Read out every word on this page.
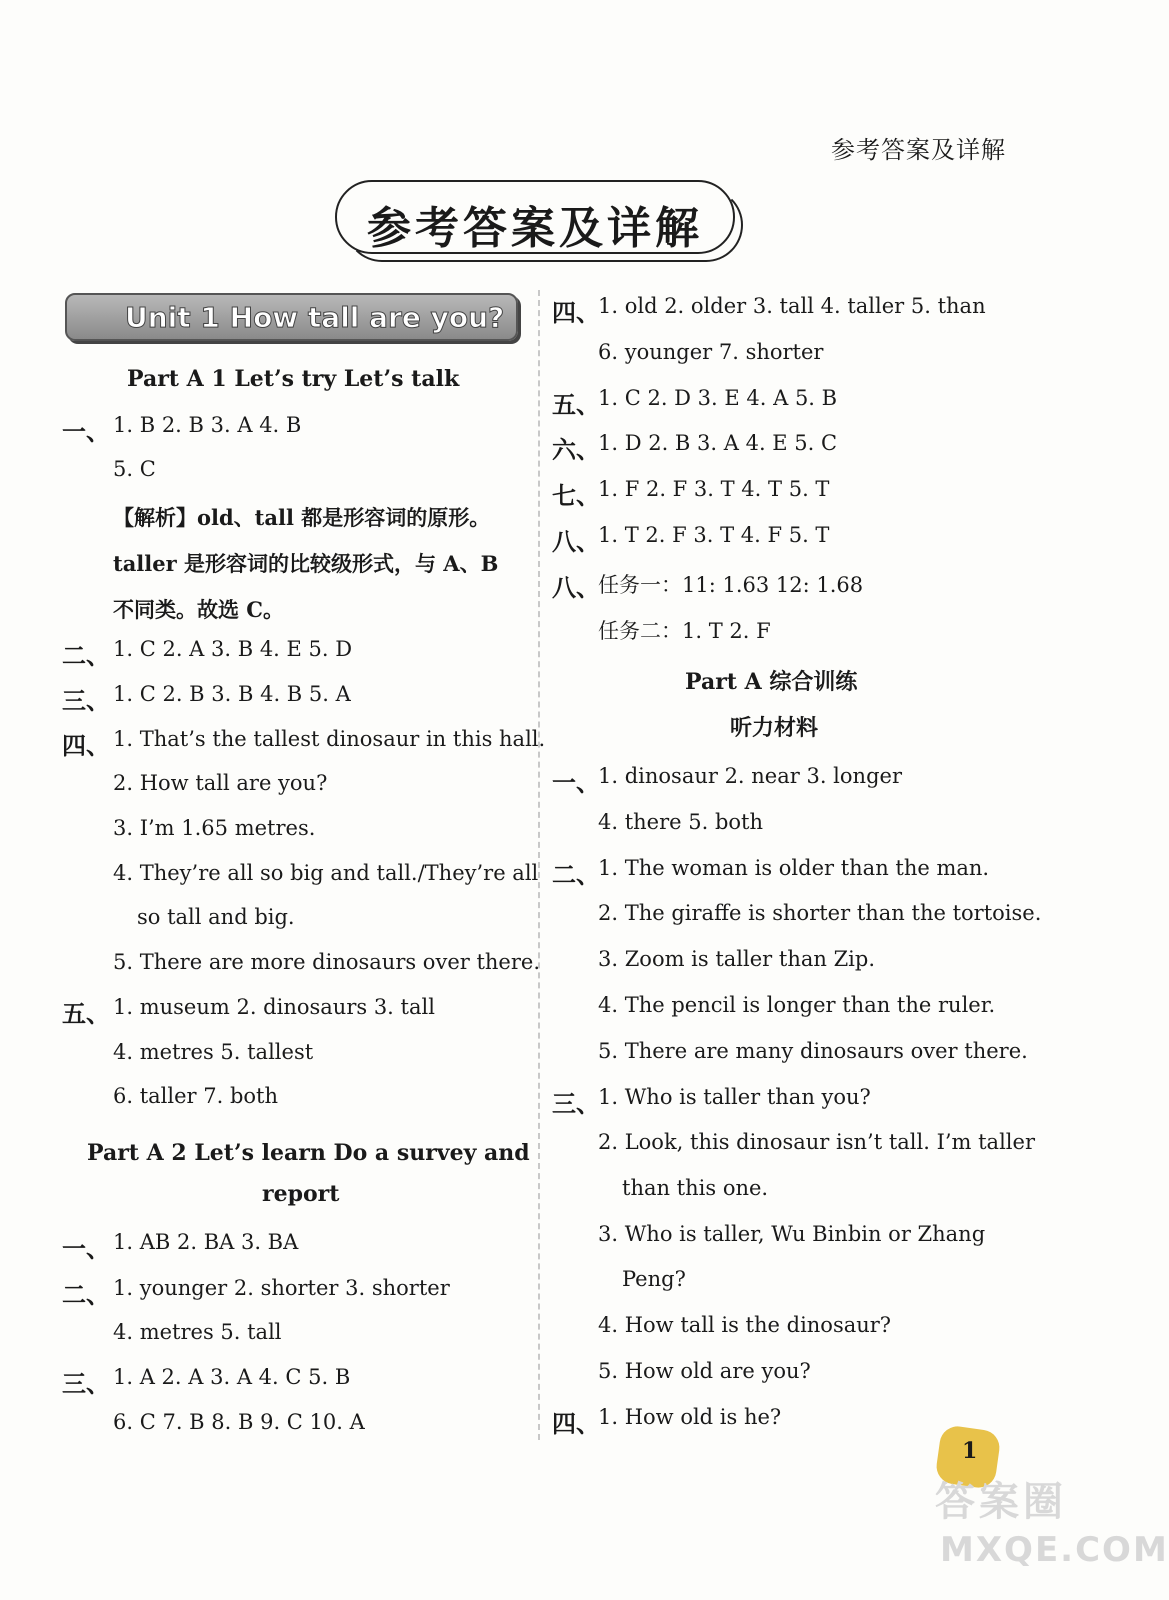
参考答案及详解
参考答案及详解
Unit 1 How tall are you?
Part A 1 Let’s try Let’s talk
一、 1. B 2. B 3. A 4. B
5. C
【解析】old、tall 都是形容词的原形。
taller 是形容词的比较级形式，与 A、B
不同类。故选 C。
二、 1. C 2. A 3. B 4. E 5. D
三、 1. C 2. B 3. B 4. B 5. A
四、 1. That’s the tallest dinosaur in this hall.
2. How tall are you?
3. I’m 1.65 metres.
4. They’re all so big and tall./They’re all
so tall and big.
5. There are more dinosaurs over there.
五、 1. museum 2. dinosaurs 3. tall
4. metres 5. tallest
6. taller 7. both
Part A 2 Let’s learn Do a survey and
report
一、 1. AB 2. BA 3. BA
二、 1. younger 2. shorter 3. shorter
4. metres 5. tall
三、 1. A 2. A 3. A 4. C 5. B
6. C 7. B 8. B 9. C 10. A
四、
1. old 2. older 3. tall 4. taller 5. than
6. younger 7. shorter
五、
1. C 2. D 3. E 4. A 5. B
六、
1. D 2. B 3. A 4. E 5. C
七、
1. F 2. F 3. T 4. T 5. T
八、
1. T 2. F 3. T 4. F 5. T
八、
任务一：11: 1.63 12: 1.68
任务二：1. T 2. F
Part A 综合训练
听力材料
一、
1. dinosaur 2. near 3. longer
4. there 5. both
二、
1. The woman is older than the man.
2. The giraffe is shorter than the tortoise.
3. Zoom is taller than Zip.
4. The pencil is longer than the ruler.
5. There are many dinosaurs over there.
三、
1. Who is taller than you?
2. Look, this dinosaur isn’t tall. I’m taller
than this one.
3. Who is taller, Wu Binbin or Zhang
Peng?
4. How tall is the dinosaur?
5. How old are you?
四、
1. How old is he?
1
答案圈
MXQE.COM
